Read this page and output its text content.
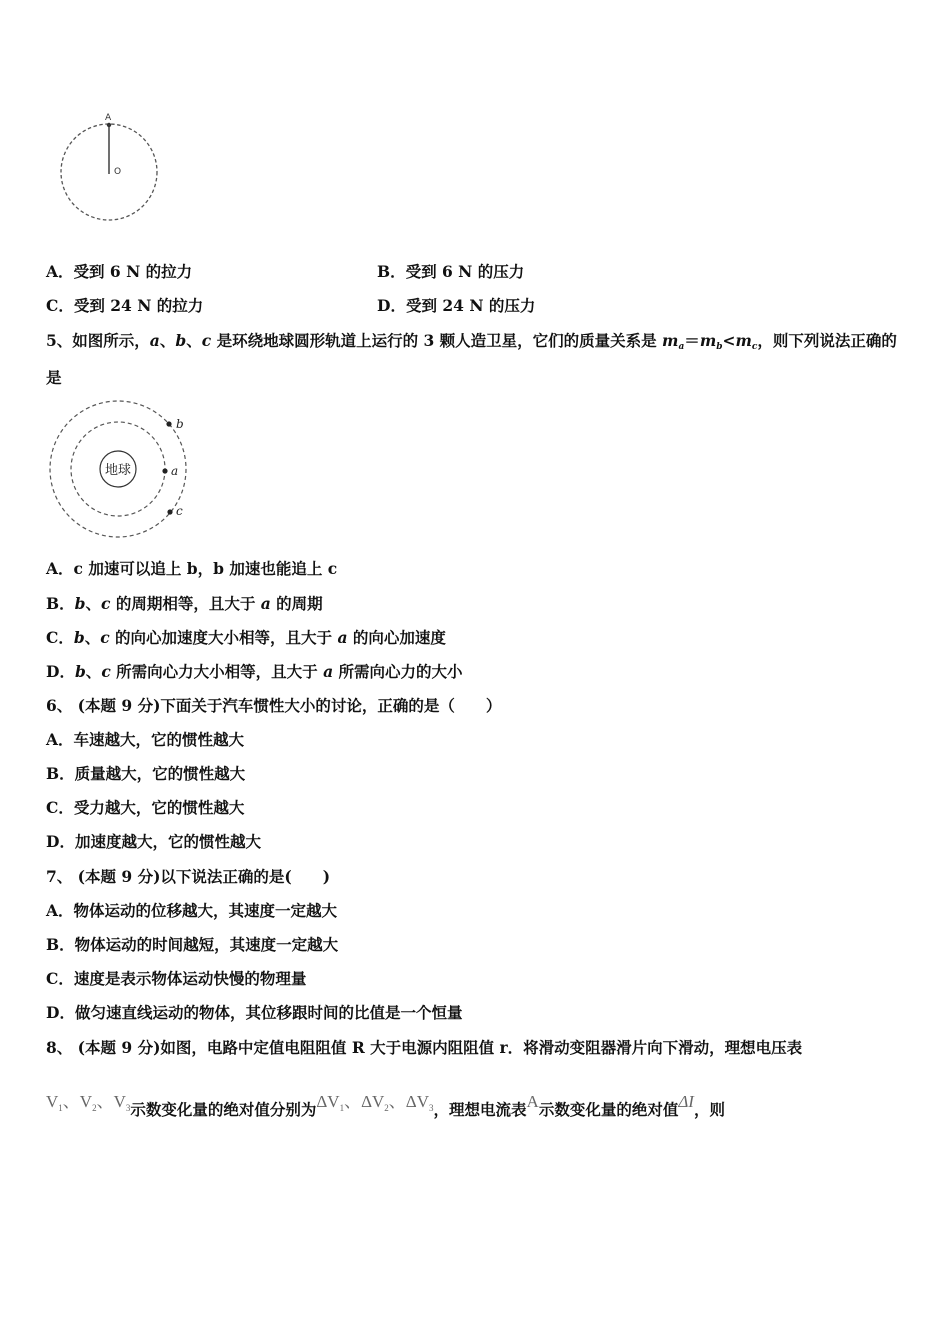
A
O
A．受到 6 N 的拉力	B．受到 6 N 的压力
C．受到 24 N 的拉力	D．受到 24 N 的压力
5、如图所示，a、b、c 是环绕地球圆形轨道上运行的 3 颗人造卫星，它们的质量关系是 $m_a=m_b<m_c$，则下列说法正确的
是
地球
b
a
c
A．c 加速可以追上 b，b 加速也能追上 c
B．b、c 的周期相等，且大于 a 的周期
C．b、c 的向心加速度大小相等，且大于 a 的向心加速度
D．b、c 所需向心力大小相等，且大于 a 所需向心力的大小
6、 (本题 9 分)下面关于汽车惯性大小的讨论，正确的是（　　）
A．车速越大，它的惯性越大
B．质量越大，它的惯性越大
C．受力越大，它的惯性越大
D．加速度越大，它的惯性越大
7、 (本题 9 分)以下说法正确的是(　　)
A．物体运动的位移越大，其速度一定越大
B．物体运动的时间越短，其速度一定越大
C．速度是表示物体运动快慢的物理量
D．做匀速直线运动的物体，其位移跟时间的比值是一个恒量
8、 (本题 9 分)如图，电路中定值电阻阻值 R 大于电源内阻阻值 r．将滑动变阻器滑片向下滑动，理想电压表
$V_1$、$V_2$、$V_3$示数变化量的绝对值分别为$\Delta V_1$、$\Delta V_2$、$\Delta V_3$，理想电流表A示数变化量的绝对值ΔI，则
